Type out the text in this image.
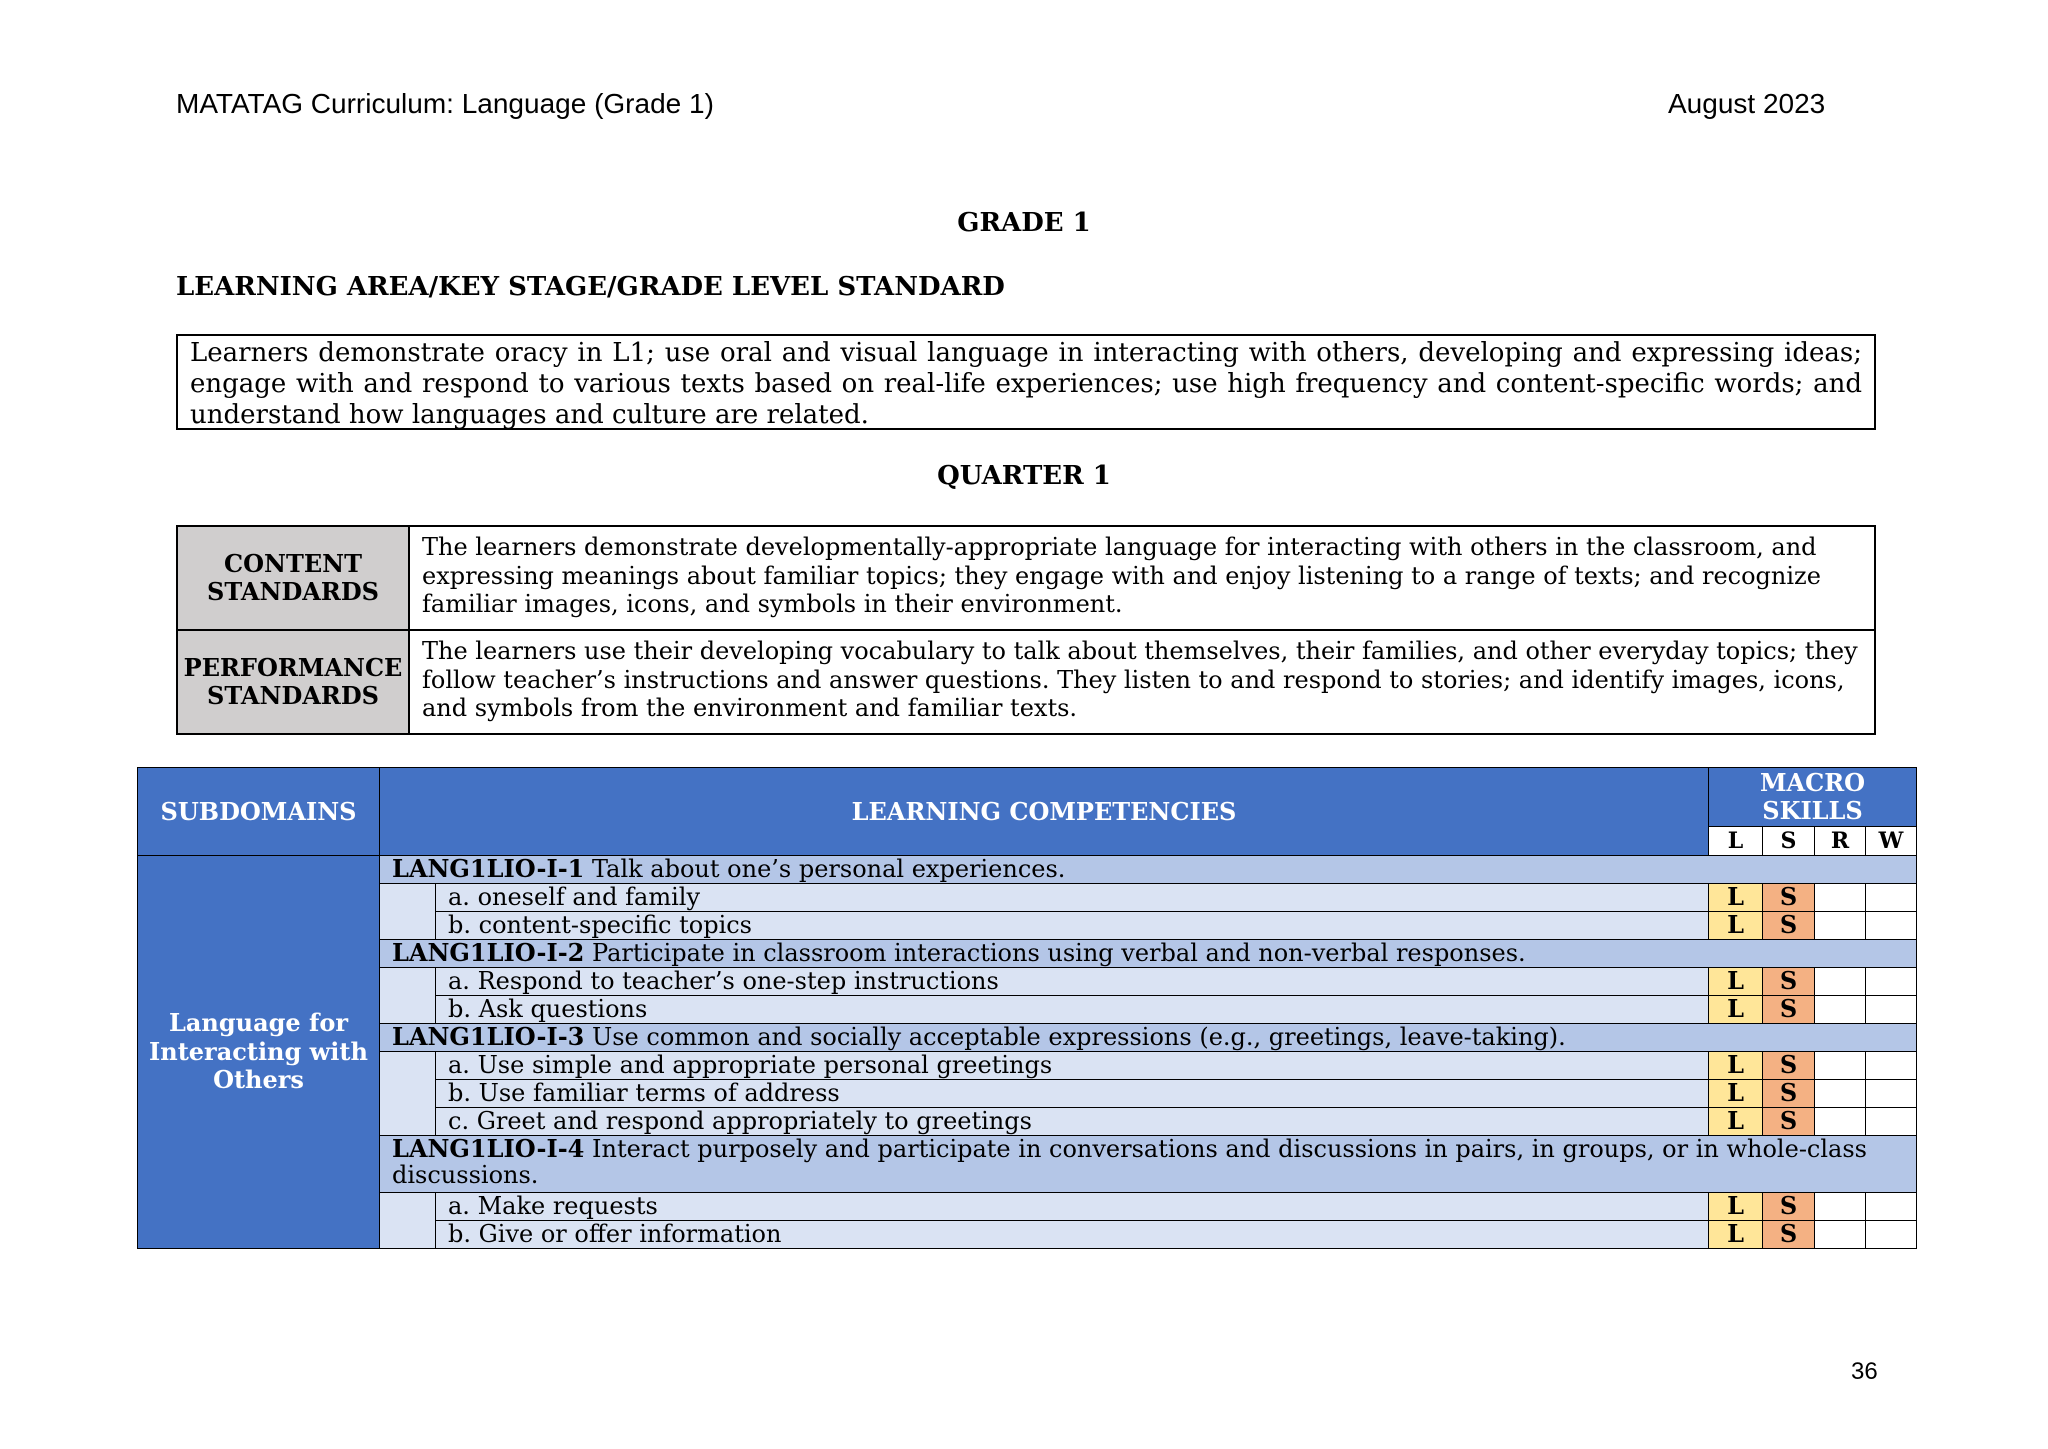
MATATAG Curriculum: Language (Grade 1)	August 2023
GRADE 1
LEARNING AREA/KEY STAGE/GRADE LEVEL STANDARD
Learners demonstrate oracy in L1; use oral and visual language in interacting with others, developing and expressing ideas; engage with and respond to various texts based on real-life experiences; use high frequency and content-specific words; and understand how languages and culture are related.
QUARTER 1
CONTENT
STANDARDS	The learners demonstrate developmentally-appropriate language for interacting with others in the classroom, and expressing meanings about familiar topics; they engage with and enjoy listening to a range of texts; and recognize familiar images, icons, and symbols in their environment.

PERFORMANCE
STANDARDS	The learners use their developing vocabulary to talk about themselves, their families, and other everyday topics; they follow teacher’s instructions and answer questions. They listen to and respond to stories; and identify images, icons, and symbols from the environment and familiar texts.
SUBDOMAINS	LEARNING COMPETENCIES		MACRO
SKILLS			

			L	S	R	W

Language for
Interacting with
Others	LANG1LIO-I-1 Talk about one’s personal experiences.					
		a. oneself and family	L	S		
		b. content-specific topics	L	S		
	LANG1LIO-I-2 Participate in classroom interactions using verbal and non-verbal responses.					
		a. Respond to teacher’s one-step instructions	L	S		
		b. Ask questions	L	S		
	LANG1LIO-I-3 Use common and socially acceptable expressions (e.g., greetings, leave-taking).					
		a. Use simple and appropriate personal greetings	L	S		
		b. Use familiar terms of address	L	S		
		c. Greet and respond appropriately to greetings	L	S		
	LANG1LIO-I-4 Interact purposely and participate in conversations and discussions in pairs, in groups, or in whole-class discussions.					
		a. Make requests	L	S		
		b. Give or offer information	L	S		
36
